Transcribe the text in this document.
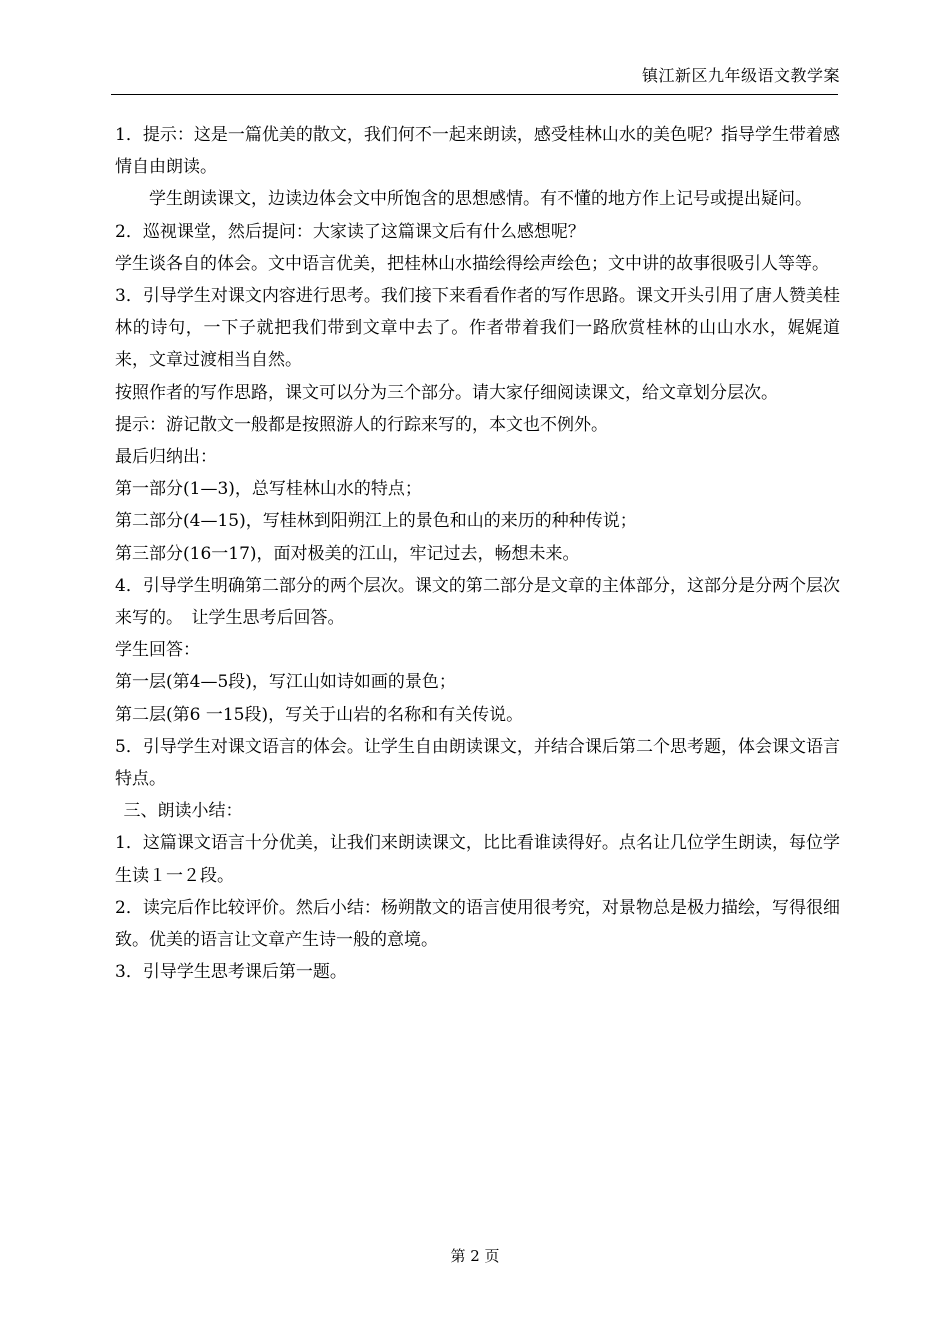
镇江新区九年级语文教学案

1．提示：这是一篇优美的散文，我们何不一起来朗读，感受桂林山水的美色呢？指导学生带着感情自由朗读。

学生朗读课文，边读边体会文中所饱含的思想感情。有不懂的地方作上记号或提出疑问。

2．巡视课堂，然后提问：大家读了这篇课文后有什么感想呢？

学生谈各自的体会。文中语言优美，把桂林山水描绘得绘声绘色；文中讲的故事很吸引人等等。

3．引导学生对课文内容进行思考。我们接下来看看作者的写作思路。课文开头引用了唐人赞美桂林的诗句，一下子就把我们带到文章中去了。作者带着我们一路欣赏桂林的山山水水，娓娓道来，文章过渡相当自然。

按照作者的写作思路，课文可以分为三个部分。请大家仔细阅读课文，给文章划分层次。

提示：游记散文一般都是按照游人的行踪来写的，本文也不例外。

最后归纳出：

第一部分(1—3)，总写桂林山水的特点；

第二部分(4—15)，写桂林到阳朔江上的景色和山的来历的种种传说；

第三部分(16一17)，面对极美的江山，牢记过去，畅想未来。

4．引导学生明确第二部分的两个层次。课文的第二部分是文章的主体部分，这部分是分两个层次来写的。　让学生思考后回答。

学生回答：

第一层(第4—5段)，写江山如诗如画的景色；

第二层(第6 一15段)，写关于山岩的名称和有关传说。

5．引导学生对课文语言的体会。让学生自由朗读课文，并结合课后第二个思考题，体会课文语言特点。

三、朗读小结：

1．这篇课文语言十分优美，让我们来朗读课文，比比看谁读得好。点名让几位学生朗读，每位学生读１一２段。

2．读完后作比较评价。然后小结：杨朔散文的语言使用很考究，对景物总是极力描绘，写得很细致。优美的语言让文章产生诗一般的意境。

3．引导学生思考课后第一题。

第 2 页
